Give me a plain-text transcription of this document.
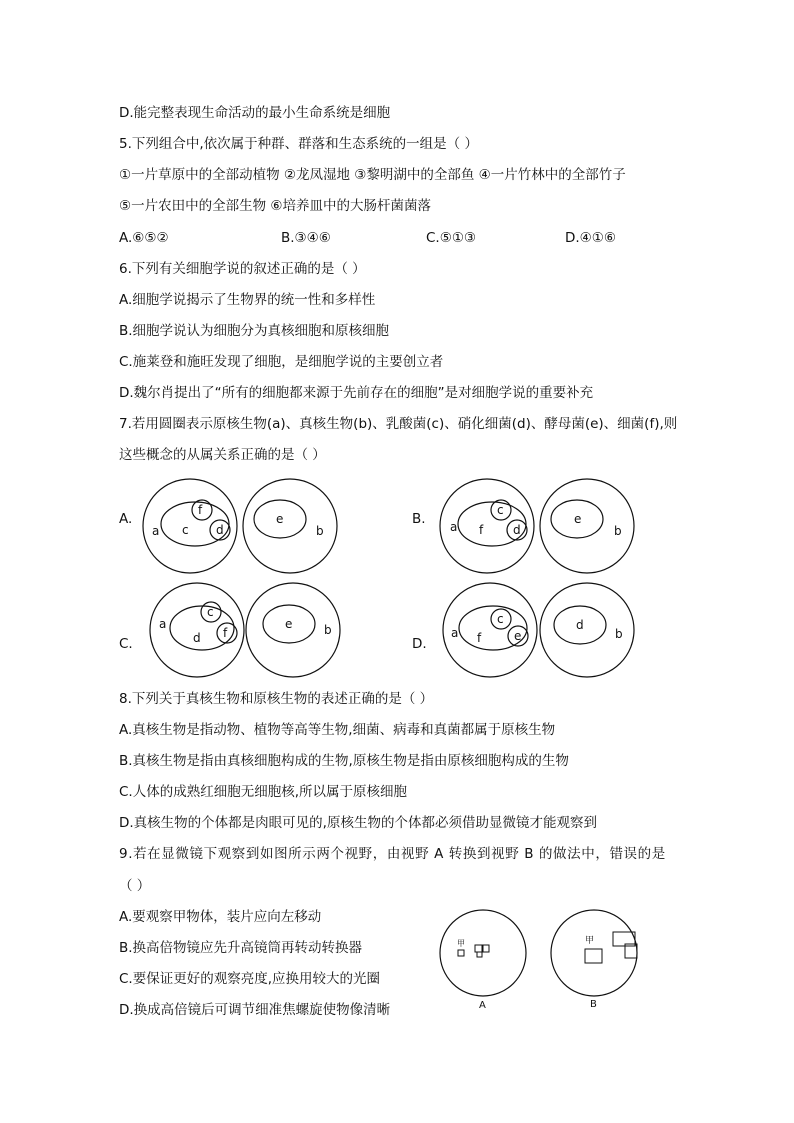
D.能完整表现生命活动的最小生命系统是细胞
5.下列组合中,依次属于种群、群落和生态系统的一组是（ ）
①一片草原中的全部动植物 ②龙凤湿地 ③黎明湖中的全部鱼 ④一片竹林中的全部竹子
⑤一片农田中的全部生物 ⑥培养皿中的大肠杆菌菌落
A.⑥⑤②	B.③④⑥	C.⑤①③	D.④①⑥
6.下列有关细胞学说的叙述正确的是（ ）
A.细胞学说揭示了生物界的统一性和多样性
B.细胞学说认为细胞分为真核细胞和原核细胞
C.施莱登和施旺发现了细胞，是细胞学说的主要创立者
D.魏尔肖提出了“所有的细胞都来源于先前存在的细胞”是对细胞学说的重要补充
7.若用圆圈表示原核生物(a)、真核生物(b)、乳酸菌(c)、硝化细菌(d)、酵母菌(e)、细菌(f),则
这些概念的从属关系正确的是（ ）
A.
a c
f
d	b
e	B. a f
c
d	b
e
C.
a
d
c
f	b
e
D.
a f
c
e	b
d
8.下列关于真核生物和原核生物的表述正确的是（ ）
A.真核生物是指动物、植物等高等生物,细菌、病毒和真菌都属于原核生物
B.真核生物是指由真核细胞构成的生物,原核生物是指由原核细胞构成的生物
C.人体的成熟红细胞无细胞核,所以属于原核细胞
D.真核生物的个体都是肉眼可见的,原核生物的个体都必须借助显微镜才能观察到
9.若在显微镜下观察到如图所示两个视野，由视野 A 转换到视野 B 的做法中，错误的是
（ ）
A.要观察甲物体，装片应向左移动
B.换高倍物镜应先升高镜筒再转动转换器
C.要保证更好的观察亮度,应换用较大的光圈
D.换成高倍镜后可调节细准焦螺旋使物像清晰
甲
A
甲
B
